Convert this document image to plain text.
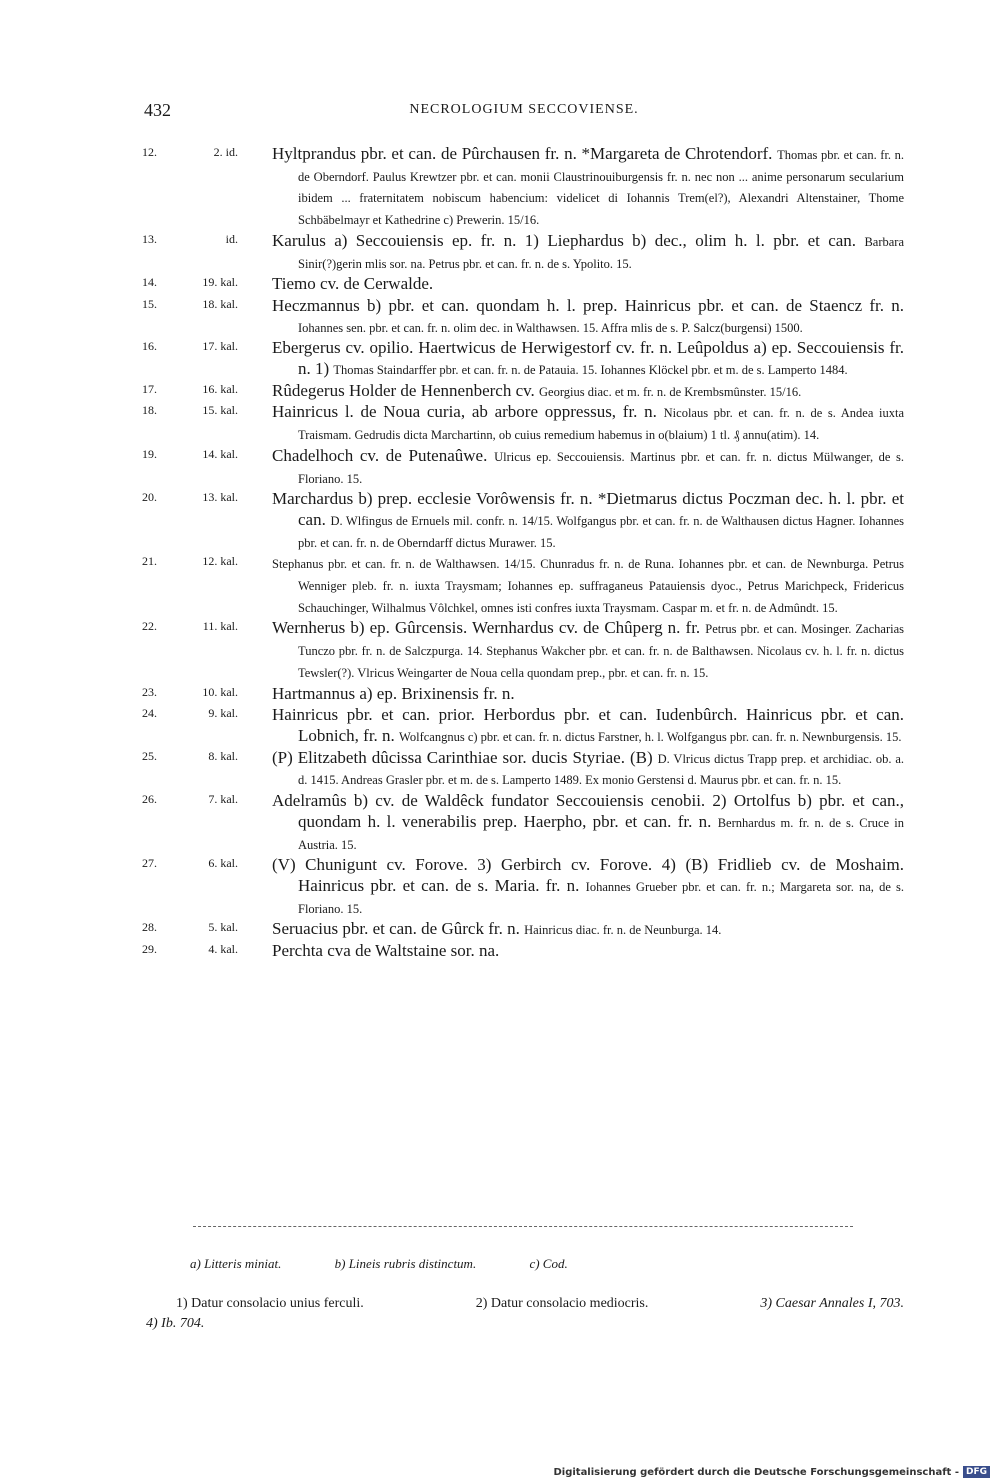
432	NECROLOGIUM SECCOVIENSE.
12.	2. id. Hyltprandus pbr. et can. de Pûrchausen fr. n. *Margareta de Chrotendorf. Thomas pbr. et can. fr. n. de Oberndorf. Paulus Krewtzer pbr. et can. monii Claustrinouiburgensis fr. n. nec non ... anime personarum secularium ibidem ... fraternitatem nobiscum habencium: videlicet di Iohannis Trem(el?), Alexandri Altenstainer, Thome Schbäbelmayr et Kathedrine c) Prewerin. 15/16.
13.	id. Karulus a) Seccouiensis ep. fr. n. 1) Liephardus b) dec., olim h. l. pbr. et can. Barbara Sinir(?)gerin mlis sor. na. Petrus pbr. et can. fr. n. de s. Ypolito. 15.
14.	19. kal. Tiemo cv. de Cerwalde.
15.	18. kal. Heczmannus b) pbr. et can. quondam h. l. prep. Hainricus pbr. et can. de Staencz fr. n. Iohannes sen. pbr. et can. fr. n. olim dec. in Walthawsen. 15. Affra mlis de s. P. Salcz(burgensi) 1500.
16.	17. kal. Ebergerus cv. opilio. Haertwicus de Herwigestorf cv. fr. n. Leûpoldus a) ep. Seccouiensis fr. n. 1) Thomas Staindarffer pbr. et can. fr. n. de Patauia. 15. Iohannes Klöckel pbr. et m. de s. Lamperto 1484.
17.	16. kal. Rûdegerus Holder de Hennenberch cv. Georgius diac. et m. fr. n. de Krembsmûnster. 15/16.
18.	15. kal. Hainricus l. de Noua curia, ab arbore oppressus, fr. n. Nicolaus pbr. et can. fr. n. de s. Andea iuxta Traismam. Gedrudis dicta Marchartinn, ob cuius remedium habemus in o(blaium) 1 tl. ₰ annu(atim). 14.
19.	14. kal. Chadelhoch cv. de Putenaûwe. Ulricus ep. Seccouiensis. Martinus pbr. et can. fr. n. dictus Mülwanger, de s. Floriano. 15.
20.	13. kal. Marchardus b) prep. ecclesie Vorôwensis fr. n. *Dietmarus dictus Poczman dec. h. l. pbr. et can. D. Wlfingus de Ernuels mil. confr. n. 14/15. Wolfgangus pbr. et can. fr. n. de Walthausen dictus Hagner. Iohannes pbr. et can. fr. n. de Oberndarff dictus Murawer. 15.
21.	12. kal.	Stephanus pbr. et can. fr. n. de Walthawsen. 14/15. Chunradus fr. n. de Runa. Iohannes pbr. et can. de Newnburga. Petrus Wenniger pleb. fr. n. iuxta Traysmam; Iohannes ep. suffraganeus Patauiensis dyoc., Petrus Marichpeck, Fridericus Schauchinger, Wilhalmus Vôlchkel, omnes isti confres iuxta Traysmam. Caspar m. et fr. n. de Admûndt. 15.
22.	11. kal. Wernherus b) ep. Gûrcensis. Wernhardus cv. de Chûperg n. fr. Petrus pbr. et can. Mosinger. Zacharias Tunczo pbr. fr. n. de Salczpurga. 14. Stephanus Wakcher pbr. et can. fr. n. de Balthawsen. Nicolaus cv. h. l. fr. n. dictus Tewsler(?). Vlricus Weingarter de Noua cella quondam prep., pbr. et can. fr. n. 15.
23.	10. kal. Hartmannus a) ep. Brixinensis fr. n.
24.	9. kal. Hainricus pbr. et can. prior. Herbordus pbr. et can. Iudenbûrch. Hainricus pbr. et can. Lobnich, fr. n. Wolfcangnus c) pbr. et can. fr. n. dictus Farstner, h. l. Wolfgangus pbr. can. fr. n. Newnburgensis. 15.
25.	8. kal. (P) Elitzabeth dûcissa Carinthiae sor. ducis Styriae. (B) D. Vlricus dictus Trapp prep. et archidiac. ob. a. d. 1415. Andreas Grasler pbr. et m. de s. Lamperto 1489. Ex monio Gerstensi d. Maurus pbr. et can. fr. n. 15.
26.	7. kal. Adelramûs b) cv. de Waldêck fundator Seccouiensis cenobii. 2) Ortolfus b) pbr. et can., quondam h. l. venerabilis prep. Haerpho, pbr. et can. fr. n. Bernhardus m. fr. n. de s. Cruce in Austria. 15.
27.	6. kal. (V) Chunigunt cv. Forove. 3) Gerbirch cv. Forove. 4) (B) Fridlieb cv. de Moshaim. Hainricus pbr. et can. de s. Maria. fr. n. Iohannes Grueber pbr. et can. fr. n.; Margareta sor. na, de s. Floriano. 15.
28.	5. kal. Seruacius pbr. et can. de Gûrck fr. n. Hainricus diac. fr. n. de Neunburga. 14.
29.	4. kal. Perchta cva de Waltstaine sor. na.
a) Litteris miniat.	b) Lineis rubris distinctum.	c) Cod.
1) Datur consolacio unius ferculi.	2) Datur consolacio mediocris.	3) Caesar Annales I, 703.
4) Ib. 704.
Digitalisierung gefördert durch die Deutsche Forschungsgemeinschaft - DFG
